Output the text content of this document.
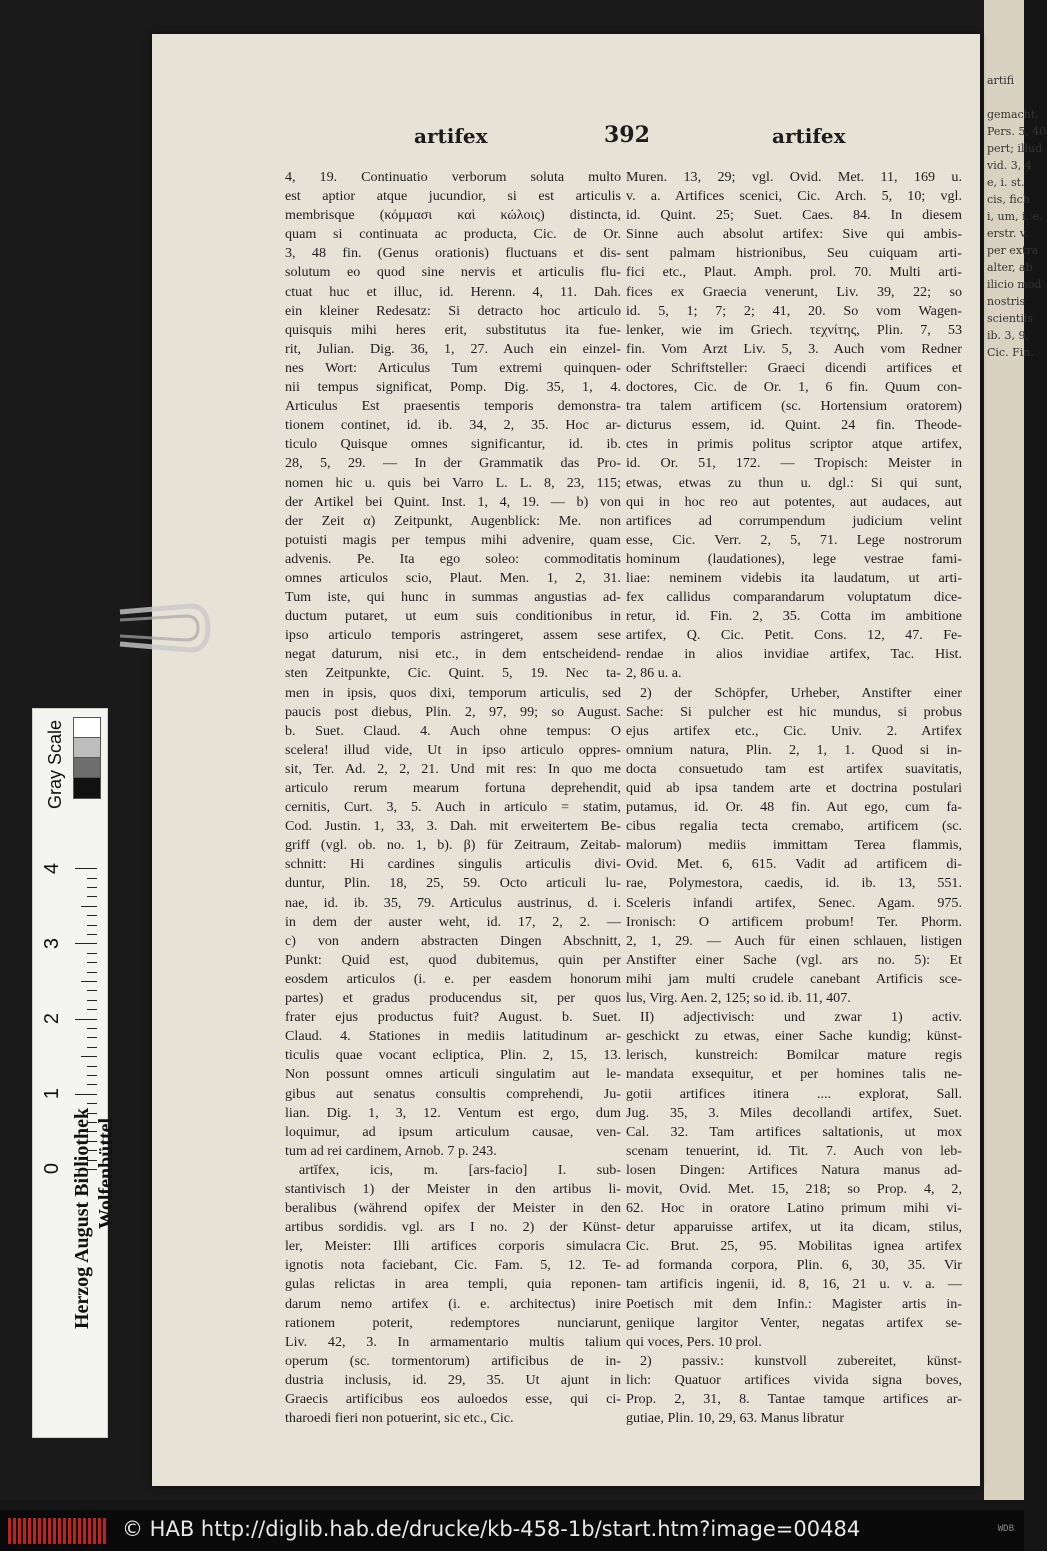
artifi

gemacht,
Pers. 5, 40
pert; illud
vid. 3, 4
e, i. st.
cis, fich
i, um, i. e.
erstr. v.
per extra
alter, ab
ilicio mod
nostris
scientiis
ib. 3, 9,
Cic. Fin.
artifex	392	artifex

4, 19. Continuatio verborum soluta multo
est aptior atque jucundior, si est articulis
membrisque (κόμμασι καὶ κώλοις) distincta,
quam si continuata ac producta, Cic. de Or.
3, 48 fin. (Genus orationis) fluctuans et dis-
solutum eo quod sine nervis et articulis flu-
ctuat huc et illuc, id. Herenn. 4, 11. Dah.
ein kleiner Redesatz: Si detracto hoc articulo
quisquis mihi heres erit, substitutus ita fue-
rit, Julian. Dig. 36, 1, 27. Auch ein einzel-
nes Wort: Articulus Tum extremi quinquen-
nii tempus significat, Pomp. Dig. 35, 1, 4.
Articulus Est praesentis temporis demonstra-
tionem continet, id. ib. 34, 2, 35. Hoc ar-
ticulo Quisque omnes significantur, id. ib.
28, 5, 29. — In der Grammatik das Pro-
nomen hic u. quis bei Varro L. L. 8, 23, 115;
der Artikel bei Quint. Inst. 1, 4, 19. — b) von
der Zeit α) Zeitpunkt, Augenblick: Me. non
potuisti magis per tempus mihi advenire, quam
advenis. Pe. Ita ego soleo: commoditatis
omnes articulos scio, Plaut. Men. 1, 2, 31.
Tum iste, qui hunc in summas angustias ad-
ductum putaret, ut eum suis conditionibus in
ipso articulo temporis astringeret, assem sese
negat daturum, nisi etc., in dem entscheidend-
sten Zeitpunkte, Cic. Quint. 5, 19. Nec ta-
men in ipsis, quos dixi, temporum articulis, sed
paucis post diebus, Plin. 2, 97, 99; so August.
b. Suet. Claud. 4. Auch ohne tempus: O
scelera! illud vide, Ut in ipso articulo oppres-
sit, Ter. Ad. 2, 2, 21. Und mit res: In quo me
articulo rerum mearum fortuna deprehendit,
cernitis, Curt. 3, 5. Auch in articulo = statim,
Cod. Justin. 1, 33, 3. Dah. mit erweitertem Be-
griff (vgl. ob. no. 1, b). β) für Zeitraum, Zeitab-
schnitt: Hi cardines singulis articulis divi-
duntur, Plin. 18, 25, 59. Octo articuli lu-
nae, id. ib. 35, 79. Articulus austrinus, d. i.
in dem der auster weht, id. 17, 2, 2. —
c) von andern abstracten Dingen Abschnitt,
Punkt: Quid est, quod dubitemus, quin per
eosdem articulos (i. e. per easdem honorum
partes) et gradus producendus sit, per quos
frater ejus productus fuit? August. b. Suet.
Claud. 4. Stationes in mediis latitudinum ar-
ticulis quae vocant ecliptica, Plin. 2, 15, 13.
Non possunt omnes articuli singulatim aut le-
gibus aut senatus consultis comprehendi, Ju-
lian. Dig. 1, 3, 12. Ventum est ergo, dum
loquimur, ad ipsum articulum causae, ven-
tum ad rei cardinem, Arnob. 7 p. 243.

artĭfex, icis, m. [ars-facio] I. sub-
stantivisch 1) der Meister in den artibus li-
beralibus (während opifex der Meister in den
artibus sordidis. vgl. ars I no. 2) der Künst-
ler, Meister: Illi artifices corporis simulacra
ignotis nota faciebant, Cic. Fam. 5, 12. Te-
gulas relictas in area templi, quia reponen-
darum nemo artifex (i. e. architectus) inire
rationem poterit, redemptores nunciarunt,
Liv. 42, 3. In armamentario multis talium
operum (sc. tormentorum) artificibus de in-
dustria inclusis, id. 29, 35. Ut ajunt in
Graecis artificibus eos auloedos esse, qui ci-
tharoedi fieri non potuerint, sic etc., Cic.

Muren. 13, 29; vgl. Ovid. Met. 11, 169 u.
v. a. Artifices scenici, Cic. Arch. 5, 10; vgl.
id. Quint. 25; Suet. Caes. 84. In diesem
Sinne auch absolut artifex: Sive qui ambis-
sent palmam histrionibus, Seu cuiquam arti-
fici etc., Plaut. Amph. prol. 70. Multi arti-
fices ex Graecia venerunt, Liv. 39, 22; so
id. 5, 1; 7; 2; 41, 20. So vom Wagen-
lenker, wie im Griech. τεχνίτης, Plin. 7, 53
fin. Vom Arzt Liv. 5, 3. Auch vom Redner
oder Schriftsteller: Graeci dicendi artifices et
doctores, Cic. de Or. 1, 6 fin. Quum con-
tra talem artificem (sc. Hortensium oratorem)
dicturus essem, id. Quint. 24 fin. Theode-
ctes in primis politus scriptor atque artifex,
id. Or. 51, 172. — Tropisch: Meister in
etwas, etwas zu thun u. dgl.: Si qui sunt,
qui in hoc reo aut potentes, aut audaces, aut
artifices ad corrumpendum judicium velint
esse, Cic. Verr. 2, 5, 71. Lege nostrorum
hominum (laudationes), lege vestrae fami-
liae: neminem videbis ita laudatum, ut arti-
fex callidus comparandarum voluptatum dice-
retur, id. Fin. 2, 35. Cotta im ambitione
artifex, Q. Cic. Petit. Cons. 12, 47. Fe-
rendae in alios invidiae artifex, Tac. Hist.
2, 86 u. a.

2) der Schöpfer, Urheber, Anstifter einer
Sache: Si pulcher est hic mundus, si probus
ejus artifex etc., Cic. Univ. 2. Artifex
omnium natura, Plin. 2, 1, 1. Quod si in-
docta consuetudo tam est artifex suavitatis,
quid ab ipsa tandem arte et doctrina postulari
putamus, id. Or. 48 fin. Aut ego, cum fa-
cibus regalia tecta cremabo, artificem (sc.
malorum) mediis immittam Terea flammis,
Ovid. Met. 6, 615. Vadit ad artificem di-
rae, Polymestora, caedis, id. ib. 13, 551.
Sceleris infandi artifex, Senec. Agam. 975.
Ironisch: O artificem probum! Ter. Phorm.
2, 1, 29. — Auch für einen schlauen, listigen
Anstifter einer Sache (vgl. ars no. 5): Et
mihi jam multi crudele canebant Artificis sce-
lus, Virg. Aen. 2, 125; so id. ib. 11, 407.

II) adjectivisch: und zwar 1) activ.
geschickt zu etwas, einer Sache kundig; künst-
lerisch, kunstreich: Bomilcar mature regis
mandata exsequitur, et per homines talis ne-
gotii artifices itinera .... explorat, Sall.
Jug. 35, 3. Miles decollandi artifex, Suet.
Cal. 32. Tam artifices saltationis, ut mox
scenam tenuerint, id. Tit. 7. Auch von leb-
losen Dingen: Artifices Natura manus ad-
movit, Ovid. Met. 15, 218; so Prop. 4, 2,
62. Hoc in oratore Latino primum mihi vi-
detur apparuisse artifex, ut ita dicam, stilus,
Cic. Brut. 25, 95. Mobilitas ignea artifex
ad formanda corpora, Plin. 6, 30, 35. Vir
tam artificis ingenii, id. 8, 16, 21 u. v. a. —
Poetisch mit dem Infin.: Magister artis in-
geniique largitor Venter, negatas artifex se-
qui voces, Pers. 10 prol.

2) passiv.: kunstvoll zubereitet, künst-
lich: Quatuor artifices vivida signa boves,
Prop. 2, 31, 8. Tantae tamque artifices ar-
gutiae, Plin. 10, 29, 63. Manus libratur

Gray Scale
0
1
2
3
4
Herzog August Bibliothek Wolfenbüttel
© HAB http://diglib.hab.de/drucke/kb-458-1b/start.htm?image=00484	WDB
